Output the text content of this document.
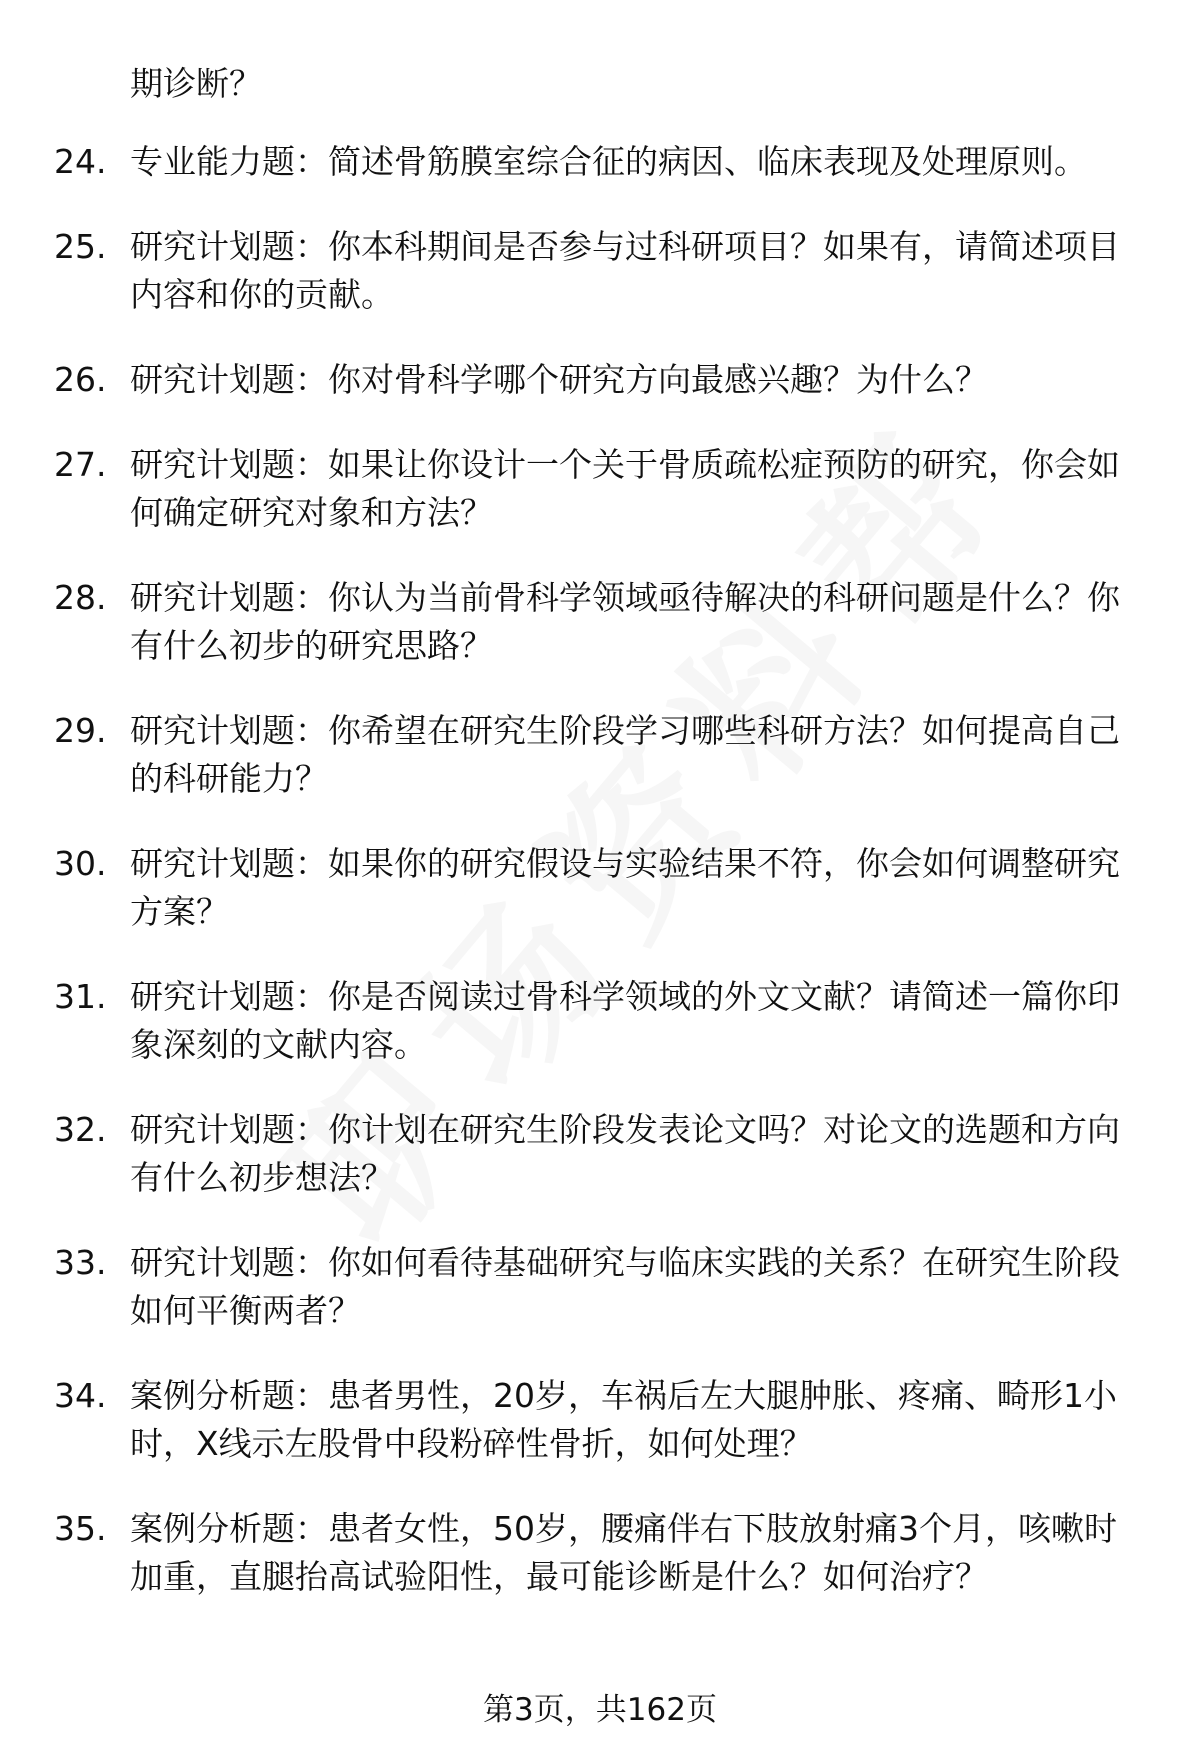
期诊断？
24. 专业能力题：简述骨筋膜室综合征的病因、临床表现及处理原则。
25. 研究计划题：你本科期间是否参与过科研项目？如果有，请简述项目内容和你的贡献。
26. 研究计划题：你对骨科学哪个研究方向最感兴趣？为什么？
27. 研究计划题：如果让你设计一个关于骨质疏松症预防的研究，你会如何确定研究对象和方法？
28. 研究计划题：你认为当前骨科学领域亟待解决的科研问题是什么？你有什么初步的研究思路？
29. 研究计划题：你希望在研究生阶段学习哪些科研方法？如何提高自己的科研能力？
30. 研究计划题：如果你的研究假设与实验结果不符，你会如何调整研究方案？
31. 研究计划题：你是否阅读过骨科学领域的外文文献？请简述一篇你印象深刻的文献内容。
32. 研究计划题：你计划在研究生阶段发表论文吗？对论文的选题和方向有什么初步想法？
33. 研究计划题：你如何看待基础研究与临床实践的关系？在研究生阶段如何平衡两者？
34. 案例分析题：患者男性，20岁，车祸后左大腿肿胀、疼痛、畸形1小时，X线示左股骨中段粉碎性骨折，如何处理？
35. 案例分析题：患者女性，50岁，腰痛伴右下肢放射痛3个月，咳嗽时加重，直腿抬高试验阳性，最可能诊断是什么？如何治疗？
第3页，共162页
